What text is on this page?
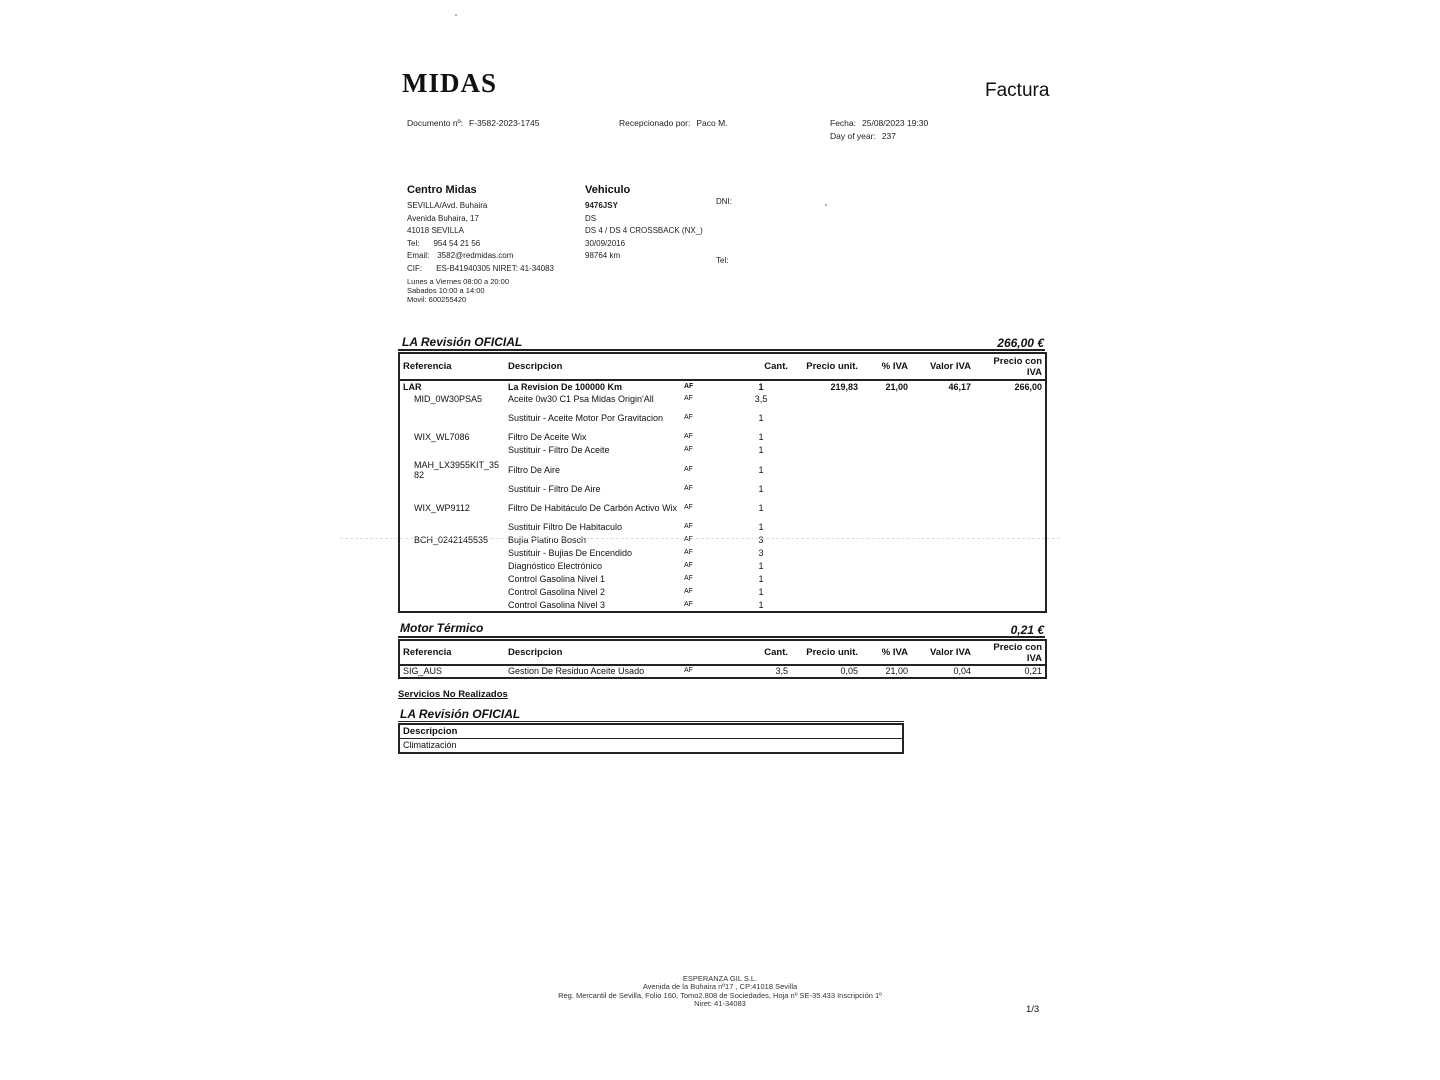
MIDAS	Factura
Documento nº: F-3582-2023-1745	Recepcionado por: Paco M.	Fecha: 25/08/2023 19:30
Day of year: 237
Centro Midas
SEVILLA/Avd. Buhaira
Avenida Buhaira, 17
41018 SEVILLA
Tel: 954 54 21 56
Email: 3582@redmidas.com
CIF: ES-B41940305 NIRET: 41-34083
Lunes a Viernes 08:00 a 20:00
Sabados 10:00 a 14:00
Movil: 600255420
Vehiculo
9476JSY
DS
DS 4 / DS 4 CROSSBACK (NX_)
30/09/2016
98764 km
DNI:
Tel:
LA Revisión OFICIAL	266,00 €
Referencia	Descripcion		Cant.	Precio unit.	% IVA	Valor IVA	Precio con
IVA

LAR	La Revision De 100000 Km	AF	1	219,83	21,00	46,17	266,00
MID_0W30PSA5	Aceite 0w30 C1 Psa Midas Origin'All	AF	3,5				
	Sustituir - Aceite Motor Por Gravitacion	AF	1				
WIX_WL7086	Filtro De Aceite Wix	AF	1				
	Sustituir - Filtro De Aceite	AF	1				
MAH_LX3955KIT_3582	Filtro De Aire	AF	1				
	Sustituir - Filtro De Aire	AF	1				
WIX_WP9112	Filtro De Habitáculo De Carbón Activo Wix	AF	1				
	Sustituir Filtro De Habitaculo	AF	1				
BCH_0242145535	Bujía Platino Bosch	AF	3				
	Sustituir - Bujias De Encendido	AF	3				
	Diagnóstico Electrónico	AF	1				
	Control Gasolina Nivel 1	AF	1				
	Control Gasolina Nivel 2	AF	1				
	Control Gasolina Nivel 3	AF	1				
Motor Térmico	0,21 €
Referencia	Descripcion		Cant.	Precio unit.	% IVA	Valor IVA	Precio con
IVA

SIG_AUS	Gestion De Residuo Aceite Usado	AF	3,5	0,05	21,00	0,04	0,21
Servicios No Realizados
LA Revisión OFICIAL
Descripcion
Climatización
ESPERANZA GIL S.L.
Avenida de la Buhaira nº17 , CP:41018 Sevilla
Reg. Mercantil de Sevilla, Folio 160, Tomo2.808 de Sociedades, Hoja nº SE-35.433 Inscripción 1º
Niret: 41-34083
1/3
